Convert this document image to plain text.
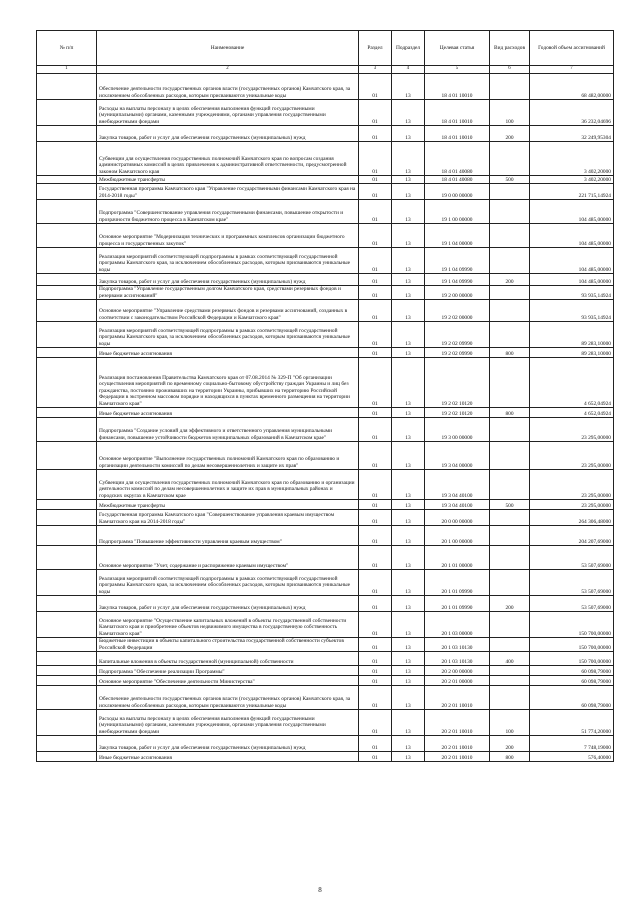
№ п/п	Наименование	Раздел	Подраздел	Целевая статья	Вид расходов	Годовой объем ассигнований
1	2	3	4	5	6	7
	Обеспечение деятельности государственных органов власти (государственных органов) Камчатского края, за исключением обособленных расходов, которым присваиваются уникальные коды	01	13	18 4 01 10010		68 482,00000
	Расходы на выплаты персоналу в целях обеспечения выполнения функций государственными (муниципальными) органами, казенными учреждениями, органами управления государственными внебюджетными фондами	01	13	18 4 01 10010	100	36 232,04696
	Закупка товаров, работ и услуг для обеспечения государственных (муниципальных) нужд	01	13	18 4 01 10010	200	32 249,95304
	Субвенции для осуществления государственных полномочий Камчатского края по вопросам создания административных комиссий в целях привлечения к административной ответственности, предусмотренной законом Камчатского края	01	13	18 4 01 40080		3 402,20000
	Межбюджетные трансферты	01	13	18 4 01 40080	500	3 402,20000
	Государственная программа Камчатского края "Управление государственными финансами Камчатского края на 2014-2018 годы"	01	13	19 0 00 00000		221 715,14924
	Подпрограмма "Совершенствование управления государственными финансами, повышение открытости и прозрачности бюджетного процесса в Камчатском крае"	01	13	19 1 00 00000		104 485,00000
	Основное мероприятие "Модернизация технических и программных комплексов организации бюджетного процесса и государственных закупок"	01	13	19 1 04 00000		104 485,00000
	Реализация мероприятий соответствующей подпрограммы в рамках соответствующей государственной программы Камчатского края, за исключением обособленных расходов, которым присваиваются уникальные коды	01	13	19 1 04 09990		104 485,00000
	Закупка товаров, работ и услуг для обеспечения государственных (муниципальных) нужд	01	13	19 1 04 09990	200	104 485,00000
	Подпрограмма "Управление государственным долгом Камчатского края, средствами резервных фондов и резервами ассигнований"	01	13	19 2 00 00000		93 935,14924
	Основное мероприятие "Управление средствами резервных фондов и резервами ассигнований, созданных в соответствии с законодательством Российской Федерации и Камчатского края"	01	13	19 2 02 00000		93 935,14924
	Реализация мероприятий соответствующей подпрограммы в рамках соответствующей государственной программы Камчатского края, за исключением обособленных расходов, которым присваиваются уникальные коды	01	13	19 2 02 09990		89 283,10000
	Иные бюджетные ассигнования	01	13	19 2 02 09990	800	89 283,10000
	Реализация постановления Правительства Камчатского края от 07.08.2014 № 329-П "Об организации осуществления мероприятий по временному социально-бытовому обустройству граждан Украины и лиц без гражданства, постоянно проживавших на территории Украины, прибывших на территорию Российской Федерации в экстренном массовом порядке и находящихся в пунктах временного размещения на территории Камчатского края"	01	13	19 2 02 10120		4 652,04924
	Иные бюджетные ассигнования	01	13	19 2 02 10120	800	4 652,04924
	Подпрограмма "Создание условий для эффективного и ответственного управления муниципальными финансами, повышение устойчивости бюджетов муниципальных образований в Камчатском крае"	01	13	19 3 00 00000		23 295,00000
	Основное мероприятие "Выполнение государственных полномочий Камчатского края по образованию и организации деятельности комиссий по делам несовершеннолетних и защите их прав"	01	13	19 3 04 00000		23 295,00000
	Субвенции для осуществления государственных полномочий Камчатского края по образованию и организации деятельности комиссий по делам несовершеннолетних и защите их прав в муниципальных районах и городских округах в Камчатском крае	01	13	19 3 04 40100		23 295,00000
	Межбюджетные трансферты	01	13	19 3 04 40100	500	23 295,00000
	Государственная программа Камчатского края "Совершенствование управления краевым имуществом Камчатского края на 2014-2018 годы"	01	13	20 0 00 00000		264 306,48000
	Подпрограмма "Повышение эффективности управления краевым имуществом"	01	13	20 1 00 00000		204 207,69000
	Основное мероприятие "Учет, содержание и распоряжение краевым имуществом"	01	13	20 1 01 00000		53 507,69000
	Реализация мероприятий соответствующей подпрограммы в рамках соответствующей государственной программы Камчатского края, за исключением обособленных расходов, которым присваиваются уникальные коды	01	13	20 1 01 09990		53 507,69000
	Закупка товаров, работ и услуг для обеспечения государственных (муниципальных) нужд	01	13	20 1 01 09990	200	53 507,69000
	Основное мероприятие "Осуществление капитальных вложений в объекты государственной собственности Камчатского края и приобретение объектов недвижимого имущества в государственную собственность Камчатского края"	01	13	20 1 03 00000		150 700,00000
	Бюджетные инвестиции в объекты капитального строительства государственной собственности субъектов Российской Федерации	01	13	20 1 03 10130		150 700,00000
	Капитальные вложения в объекты государственной (муниципальной) собственности	01	13	20 1 03 10130	400	150 700,00000
	Подпрограмма "Обеспечение реализации Программы"	01	13	20 2 00 00000		60 098,79000
	Основное мероприятие "Обеспечение деятельности Министерства"	01	13	20 2 01 00000		60 098,79000
	Обеспечение деятельности государственных органов власти (государственных органов) Камчатского края, за исключением обособленных расходов, которым присваиваются уникальные коды	01	13	20 2 01 10010		60 098,79000
	Расходы на выплаты персоналу в целях обеспечения выполнения функций государственными (муниципальными) органами, казенными учреждениями, органами управления государственными внебюджетными фондами	01	13	20 2 01 10010	100	51 774,20000
	Закупка товаров, работ и услуг для обеспечения государственных (муниципальных) нужд	01	13	20 2 01 10010	200	7 748,19000
	Иные бюджетные ассигнования	01	13	20 2 01 10010	800	576,40000
8
